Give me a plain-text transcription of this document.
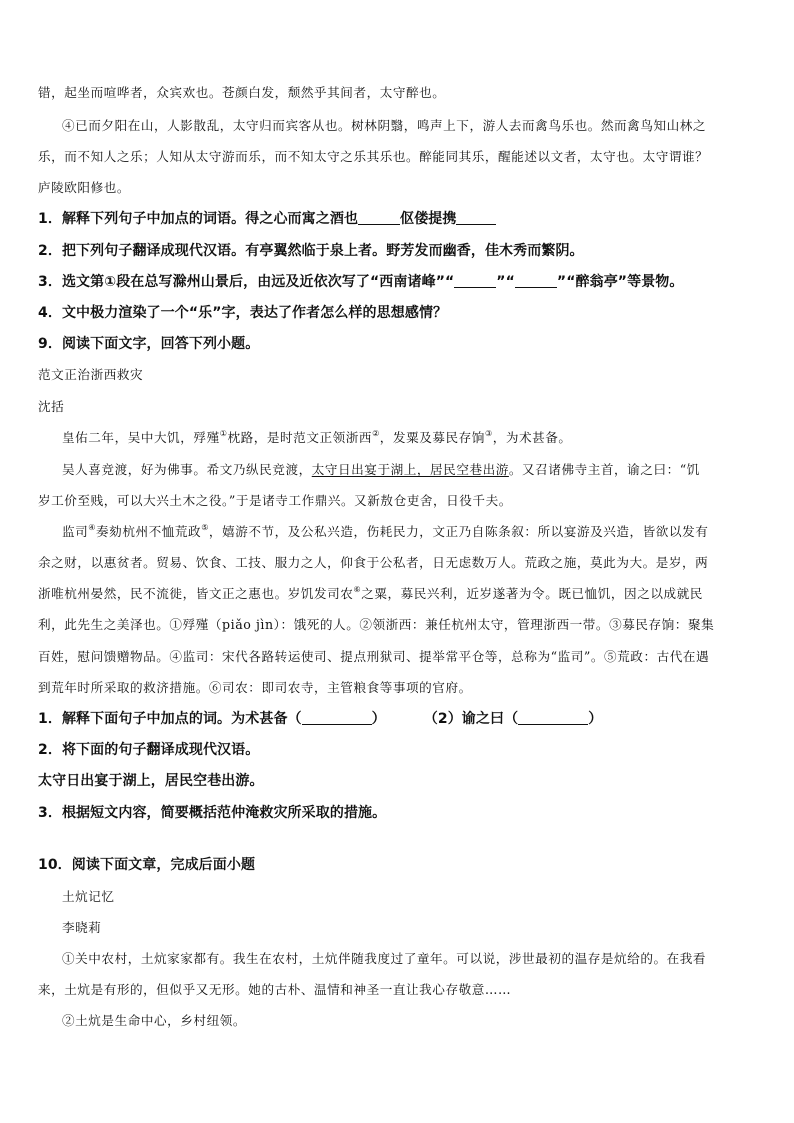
错，起坐而喧哗者，众宾欢也。苍颜白发，颓然乎其间者，太守醉也。
④已而夕阳在山，人影散乱，太守归而宾客从也。树林阴翳，鸣声上下，游人去而禽鸟乐也。然而禽鸟知山林之
乐，而不知人之乐；人知从太守游而乐，而不知太守之乐其乐也。醉能同其乐，醒能述以文者，太守也。太守谓谁？
庐陵欧阳修也。
1．解释下列句子中加点的词语。得之心而寓之酒也	伛偻提携
2．把下列句子翻译成现代汉语。有亭翼然临于泉上者。野芳发而幽香，佳木秀而繁阴。
3．选文第①段在总写滁州山景后，由远及近依次写了“西南诸峰”“	”“	”“醉翁亭”等景物。
4．文中极力渲染了一个“乐”字，表达了作者怎么样的思想感情？
9．阅读下面文字，回答下列小题。
范文正治浙西救灾
沈括
皇佑二年，吴中大饥，殍殣①枕路，是时范文正领浙西②，发粟及募民存饷③，为术甚备。
吴人喜竞渡，好为佛事。希文乃纵民竞渡，太守日出宴于湖上，居民空巷出游。又召诸佛寺主首，谕之曰：“饥
岁工价至贱，可以大兴土木之役。”于是诸寺工作鼎兴。又新敖仓吏舍，日役千夫。
监司④奏劾杭州不恤荒政⑤，嬉游不节，及公私兴造，伤耗民力，文正乃自陈条叙：所以宴游及兴造，皆欲以发有
余之财，以惠贫者。贸易、饮食、工技、服力之人，仰食于公私者，日无虑数万人。荒政之施，莫此为大。是岁，两
浙唯杭州晏然，民不流徙，皆文正之惠也。岁饥发司农⑥之粟，募民兴利，近岁遂著为令。既已恤饥，因之以成就民
利，此先生之美泽也。①殍殣（piǎo jìn）：饿死的人。②领浙西：兼任杭州太守，管理浙西一带。③募民存饷：聚集
百姓，慰问馈赠物品。④监司：宋代各路转运使司、提点刑狱司、提举常平仓等，总称为“监司”。⑤荒政：古代在遇
到荒年时所采取的救济措施。⑥司农：即司农寺，主管粮食等事项的官府。
1．解释下面句子中加点的词。为术甚备（	）	（2）谕之曰（	）
2．将下面的句子翻译成现代汉语。
太守日出宴于湖上，居民空巷出游。
3．根据短文内容，简要概括范仲淹救灾所采取的措施。
10．阅读下面文章，完成后面小题
土炕记忆
李晓莉
①关中农村，土炕家家都有。我生在农村，土炕伴随我度过了童年。可以说，涉世最初的温存是炕给的。在我看
来，土炕是有形的，但似乎又无形。她的古朴、温情和神圣一直让我心存敬意……
②土炕是生命中心，乡村纽领。
